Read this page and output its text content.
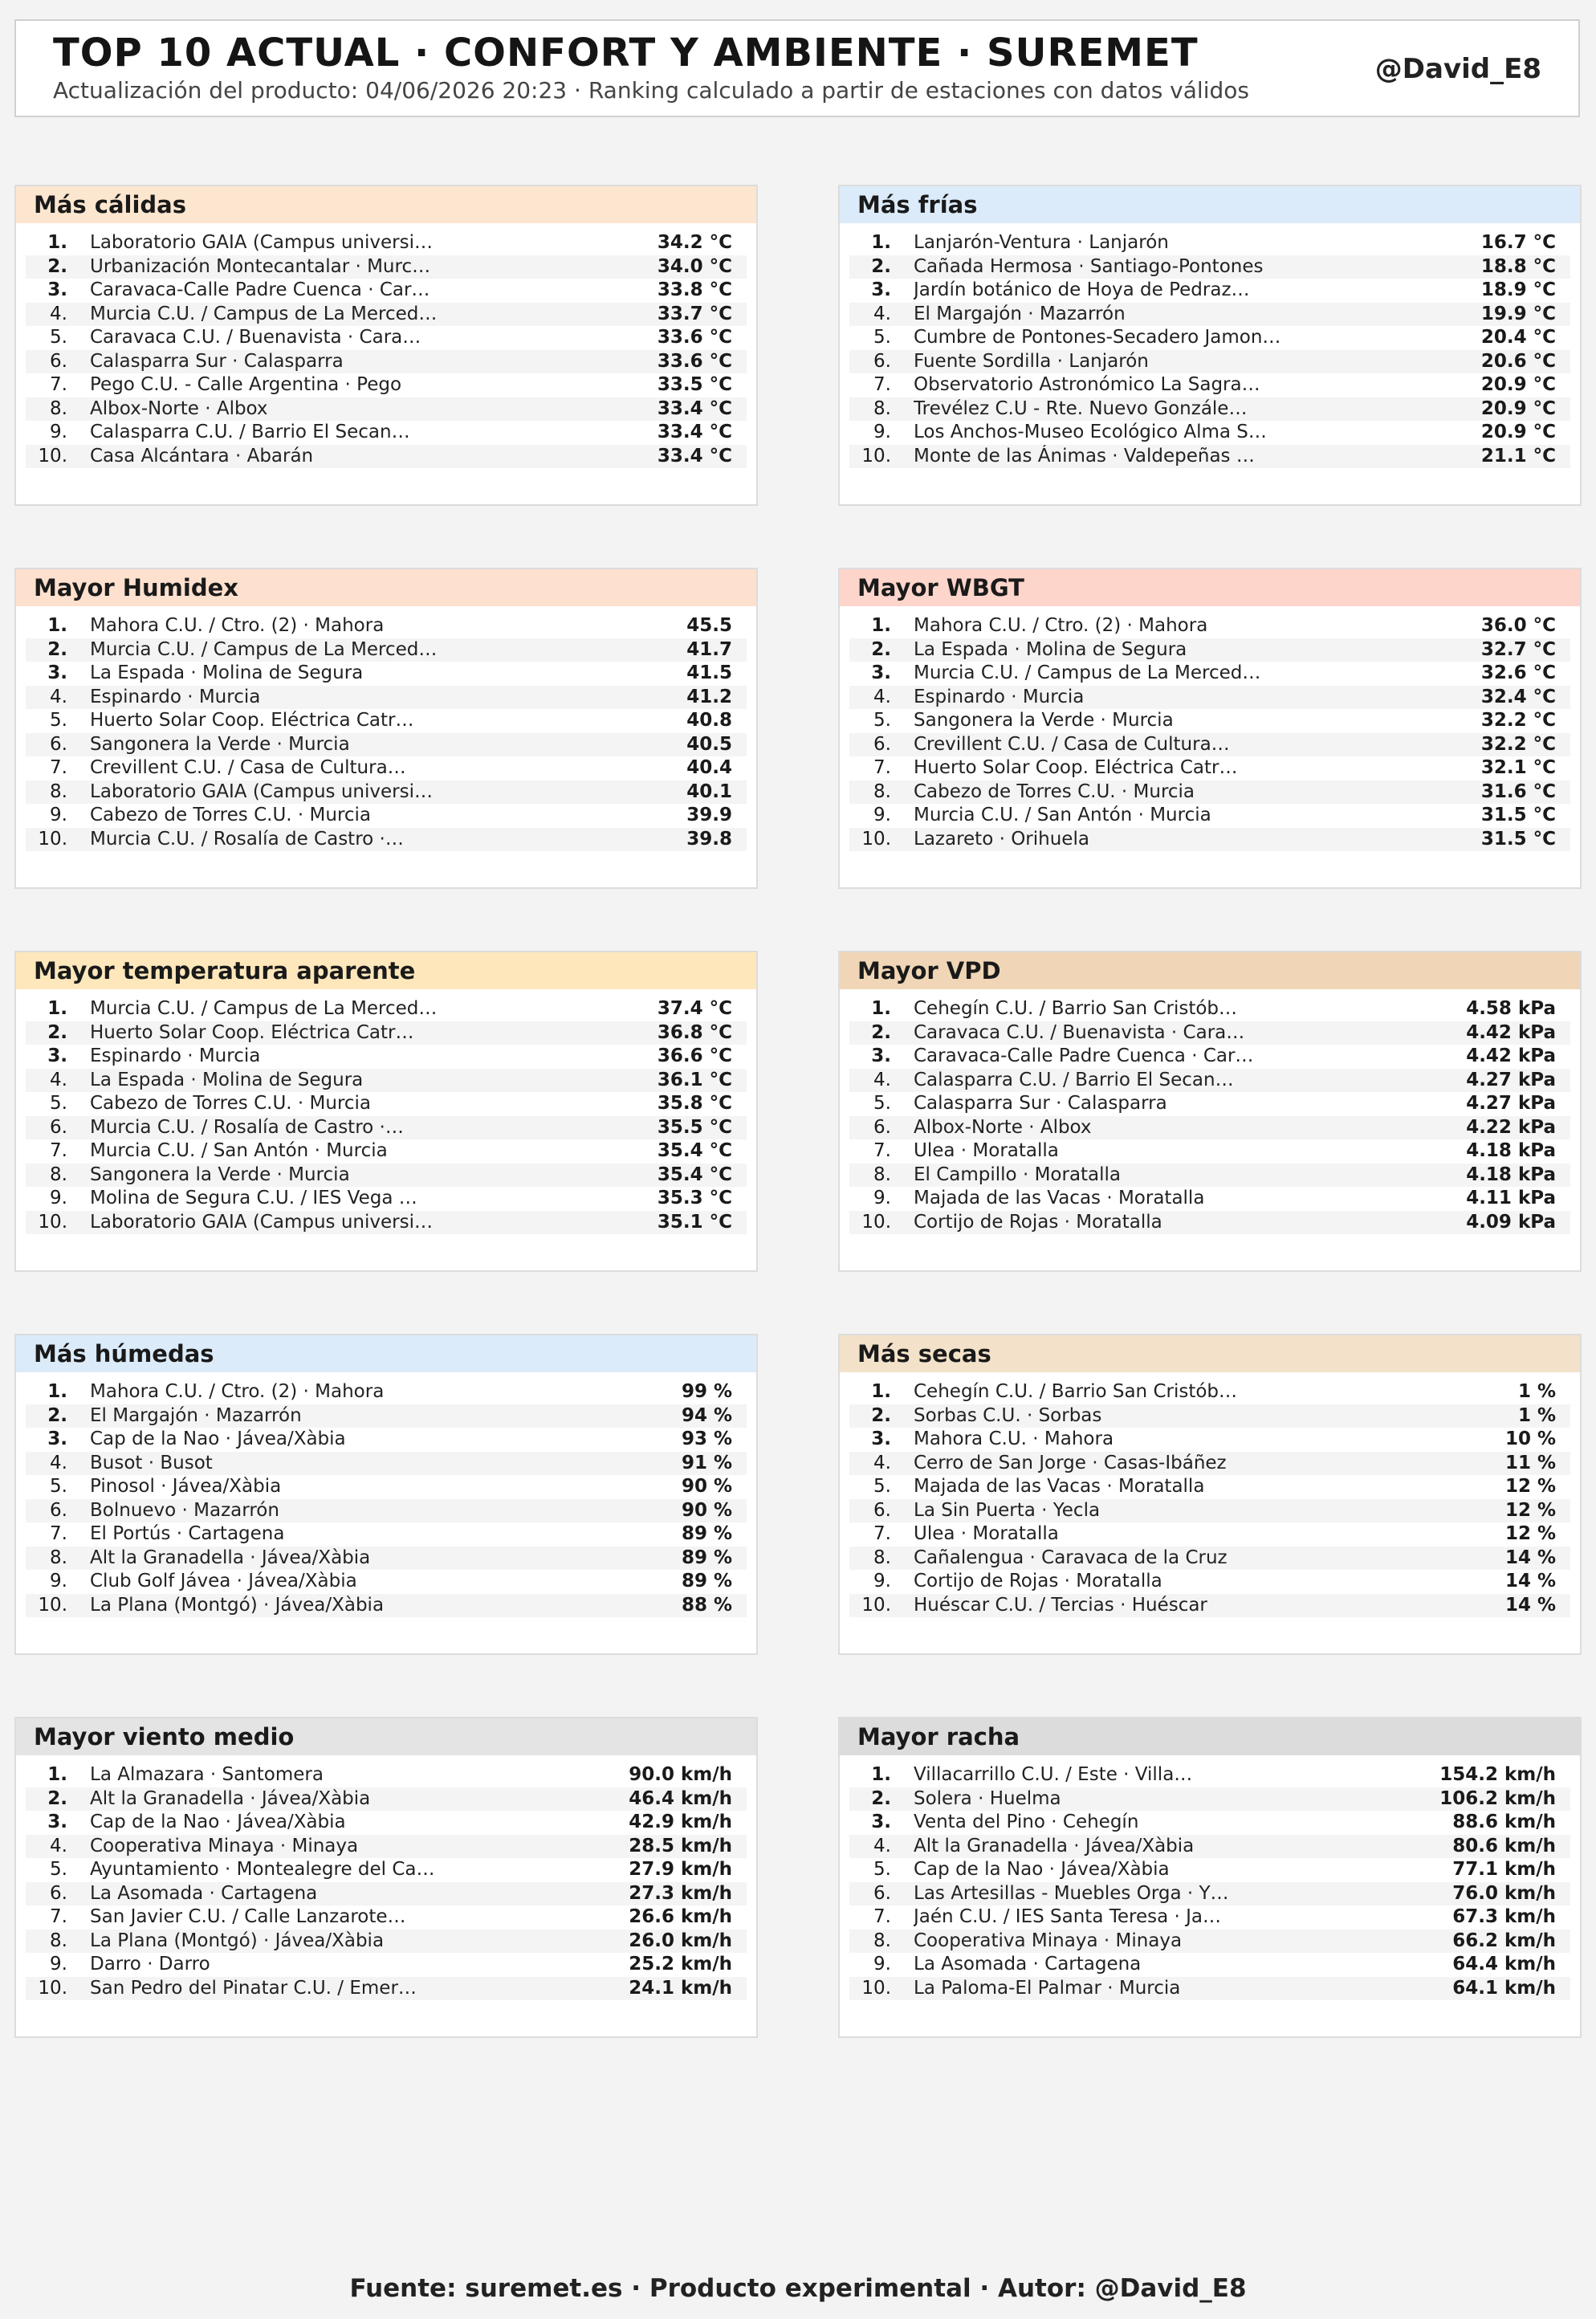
TOP 10 ACTUAL · CONFORT Y AMBIENTE · SUREMET
Actualización del producto: 04/06/2026 20:23 · Ranking calculado a partir de estaciones con datos válidos
@David_E8
Más cálidas
1. Laboratorio GAIA (Campus universi…	34.2 °C
2. Urbanización Montecantalar · Murc…	34.0 °C
3. Caravaca-Calle Padre Cuenca · Car…	33.8 °C
4. Murcia C.U. / Campus de La Merced…	33.7 °C
5. Caravaca C.U. / Buenavista · Cara…	33.6 °C
6. Calasparra Sur · Calasparra	33.6 °C
7. Pego C.U. - Calle Argentina · Pego	33.5 °C
8. Albox-Norte · Albox	33.4 °C
9. Calasparra C.U. / Barrio El Secan…	33.4 °C
10. Casa Alcántara · Abarán	33.4 °C
Más frías
1. Lanjarón-Ventura · Lanjarón	16.7 °C
2. Cañada Hermosa · Santiago-Pontones	18.8 °C
3. Jardín botánico de Hoya de Pedraz…	18.9 °C
4. El Margajón · Mazarrón	19.9 °C
5. Cumbre de Pontones-Secadero Jamon…	20.4 °C
6. Fuente Sordilla · Lanjarón	20.6 °C
7. Observatorio Astronómico La Sagra…	20.9 °C
8. Trevélez C.U - Rte. Nuevo Gonzále…	20.9 °C
9. Los Anchos-Museo Ecológico Alma S…	20.9 °C
10. Monte de las Ánimas · Valdepeñas …	21.1 °C
Mayor Humidex
1. Mahora C.U. / Ctro. (2) · Mahora	45.5
2. Murcia C.U. / Campus de La Merced…	41.7
3. La Espada · Molina de Segura	41.5
4. Espinardo · Murcia	41.2
5. Huerto Solar Coop. Eléctrica Catr…	40.8
6. Sangonera la Verde · Murcia	40.5
7. Crevillent C.U. / Casa de Cultura…	40.4
8. Laboratorio GAIA (Campus universi…	40.1
9. Cabezo de Torres C.U. · Murcia	39.9
10. Murcia C.U. / Rosalía de Castro ·…	39.8
Mayor WBGT
1. Mahora C.U. / Ctro. (2) · Mahora	36.0 °C
2. La Espada · Molina de Segura	32.7 °C
3. Murcia C.U. / Campus de La Merced…	32.6 °C
4. Espinardo · Murcia	32.4 °C
5. Sangonera la Verde · Murcia	32.2 °C
6. Crevillent C.U. / Casa de Cultura…	32.2 °C
7. Huerto Solar Coop. Eléctrica Catr…	32.1 °C
8. Cabezo de Torres C.U. · Murcia	31.6 °C
9. Murcia C.U. / San Antón · Murcia	31.5 °C
10. Lazareto · Orihuela	31.5 °C
Mayor temperatura aparente
1. Murcia C.U. / Campus de La Merced…	37.4 °C
2. Huerto Solar Coop. Eléctrica Catr…	36.8 °C
3. Espinardo · Murcia	36.6 °C
4. La Espada · Molina de Segura	36.1 °C
5. Cabezo de Torres C.U. · Murcia	35.8 °C
6. Murcia C.U. / Rosalía de Castro ·…	35.5 °C
7. Murcia C.U. / San Antón · Murcia	35.4 °C
8. Sangonera la Verde · Murcia	35.4 °C
9. Molina de Segura C.U. / IES Vega …	35.3 °C
10. Laboratorio GAIA (Campus universi…	35.1 °C
Mayor VPD
1. Cehegín C.U. / Barrio San Cristób…	4.58 kPa
2. Caravaca C.U. / Buenavista · Cara…	4.42 kPa
3. Caravaca-Calle Padre Cuenca · Car…	4.42 kPa
4. Calasparra C.U. / Barrio El Secan…	4.27 kPa
5. Calasparra Sur · Calasparra	4.27 kPa
6. Albox-Norte · Albox	4.22 kPa
7. Ulea · Moratalla	4.18 kPa
8. El Campillo · Moratalla	4.18 kPa
9. Majada de las Vacas · Moratalla	4.11 kPa
10. Cortijo de Rojas · Moratalla	4.09 kPa
Más húmedas
1. Mahora C.U. / Ctro. (2) · Mahora	99 %
2. El Margajón · Mazarrón	94 %
3. Cap de la Nao · Jávea/Xàbia	93 %
4. Busot · Busot	91 %
5. Pinosol · Jávea/Xàbia	90 %
6. Bolnuevo · Mazarrón	90 %
7. El Portús · Cartagena	89 %
8. Alt la Granadella · Jávea/Xàbia	89 %
9. Club Golf Jávea · Jávea/Xàbia	89 %
10. La Plana (Montgó) · Jávea/Xàbia	88 %
Más secas
1. Cehegín C.U. / Barrio San Cristób…	1 %
2. Sorbas C.U. · Sorbas	1 %
3. Mahora C.U. · Mahora	10 %
4. Cerro de San Jorge · Casas-Ibáñez	11 %
5. Majada de las Vacas · Moratalla	12 %
6. La Sin Puerta · Yecla	12 %
7. Ulea · Moratalla	12 %
8. Cañalengua · Caravaca de la Cruz	14 %
9. Cortijo de Rojas · Moratalla	14 %
10. Huéscar C.U. / Tercias · Huéscar	14 %
Mayor viento medio
1. La Almazara · Santomera	90.0 km/h
2. Alt la Granadella · Jávea/Xàbia	46.4 km/h
3. Cap de la Nao · Jávea/Xàbia	42.9 km/h
4. Cooperativa Minaya · Minaya	28.5 km/h
5. Ayuntamiento · Montealegre del Ca…	27.9 km/h
6. La Asomada · Cartagena	27.3 km/h
7. San Javier C.U. / Calle Lanzarote…	26.6 km/h
8. La Plana (Montgó) · Jávea/Xàbia	26.0 km/h
9. Darro · Darro	25.2 km/h
10. San Pedro del Pinatar C.U. / Emer…	24.1 km/h
Mayor racha
1. Villacarrillo C.U. / Este · Villa…	154.2 km/h
2. Solera · Huelma	106.2 km/h
3. Venta del Pino · Cehegín	88.6 km/h
4. Alt la Granadella · Jávea/Xàbia	80.6 km/h
5. Cap de la Nao · Jávea/Xàbia	77.1 km/h
6. Las Artesillas - Muebles Orga · Y…	76.0 km/h
7. Jaén C.U. / IES Santa Teresa · Ja…	67.3 km/h
8. Cooperativa Minaya · Minaya	66.2 km/h
9. La Asomada · Cartagena	64.4 km/h
10. La Paloma-El Palmar · Murcia	64.1 km/h
Fuente: suremet.es · Producto experimental · Autor: @David_E8
